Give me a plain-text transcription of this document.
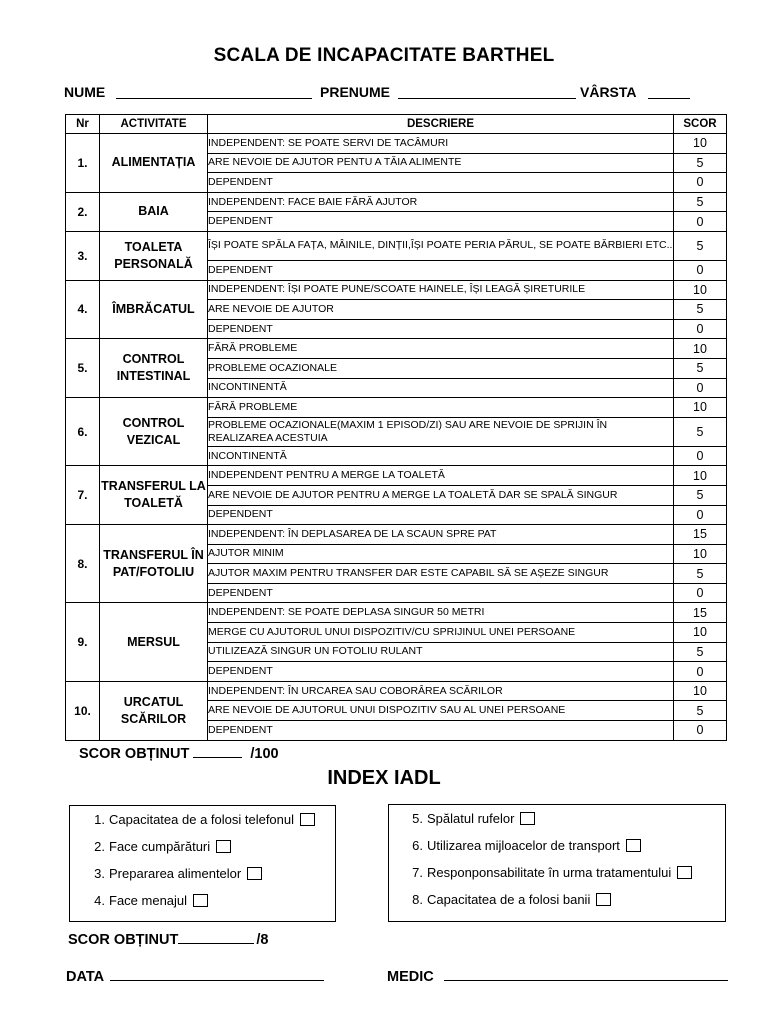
SCALA DE INCAPACITATE BARTHEL
NUME	PRENUME	VÂRSTA
Nr	ACTIVITATE	DESCRIERE	SCOR
1.	ALIMENTAȚIA	INDEPENDENT: SE POATE SERVI DE TACÂMURI	10
		ARE NEVOIE DE AJUTOR PENTU A TĂIA ALIMENTE	5
		DEPENDENT	0
2.	BAIA	INDEPENDENT: FACE BAIE FĂRĂ AJUTOR	5
		DEPENDENT	0
3.	TOALETA PERSONALĂ	ÎȘI POATE SPĂLA FAȚA, MÂINILE, DINȚII,ÎȘI POATE PERIA PĂRUL, SE POATE BĂRBIERI ETC..	5
		DEPENDENT	0
4.	ÎMBRĂCATUL	INDEPENDENT: ÎȘI POATE PUNE/SCOATE HAINELE, ÎȘI LEAGĂ ȘIRETURILE	10
		ARE NEVOIE DE AJUTOR	5
		DEPENDENT	0
5.	CONTROL INTESTINAL	FĂRĂ PROBLEME	10
		PROBLEME OCAZIONALE	5
		INCONTINENTĂ	0
6.	CONTROL VEZICAL	FĂRĂ PROBLEME	10
		PROBLEME OCAZIONALE(MAXIM 1 EPISOD/ZI) SAU ARE NEVOIE DE SPRIJIN ÎN REALIZAREA ACESTUIA	5
		INCONTINENTĂ	0
7.	TRANSFERUL LA TOALETĂ	INDEPENDENT PENTRU A MERGE LA TOALETĂ	10
		ARE NEVOIE DE AJUTOR PENTRU A MERGE LA TOALETĂ DAR SE SPALĂ SINGUR	5
		DEPENDENT	0
8.	TRANSFERUL ÎN PAT/FOTOLIU	INDEPENDENT: ÎN DEPLASAREA DE LA SCAUN SPRE PAT	15
		AJUTOR MINIM	10
		AJUTOR MAXIM PENTRU TRANSFER DAR ESTE CAPABIL SĂ SE AȘEZE SINGUR	5
		DEPENDENT	0
9.	MERSUL	INDEPENDENT: SE POATE DEPLASA SINGUR 50 METRI	15
		MERGE CU AJUTORUL UNUI DISPOZITIV/CU SPRIJINUL UNEI PERSOANE	10
		UTILIZEAZĂ SINGUR UN FOTOLIU RULANT	5
		DEPENDENT	0
10.	URCATUL SCĂRILOR	INDEPENDENT: ÎN URCAREA SAU COBORÂREA SCĂRILOR	10
		ARE NEVOIE DE AJUTORUL UNUI DISPOZITIV SAU AL UNEI PERSOANE	5
		DEPENDENT	0
SCOR OBȚINUT	/100
INDEX IADL
1. Capacitatea de a folosi telefonul
2. Face cumpărături
3. Prepararea alimentelor
4. Face menajul
5. Spălatul rufelor
6. Utilizarea mijloacelor de transport
7. Responponsabilitate în urma tratamentului
8. Capacitatea de a folosi banii
SCOR OBȚINUT	/8
DATA	MEDIC
